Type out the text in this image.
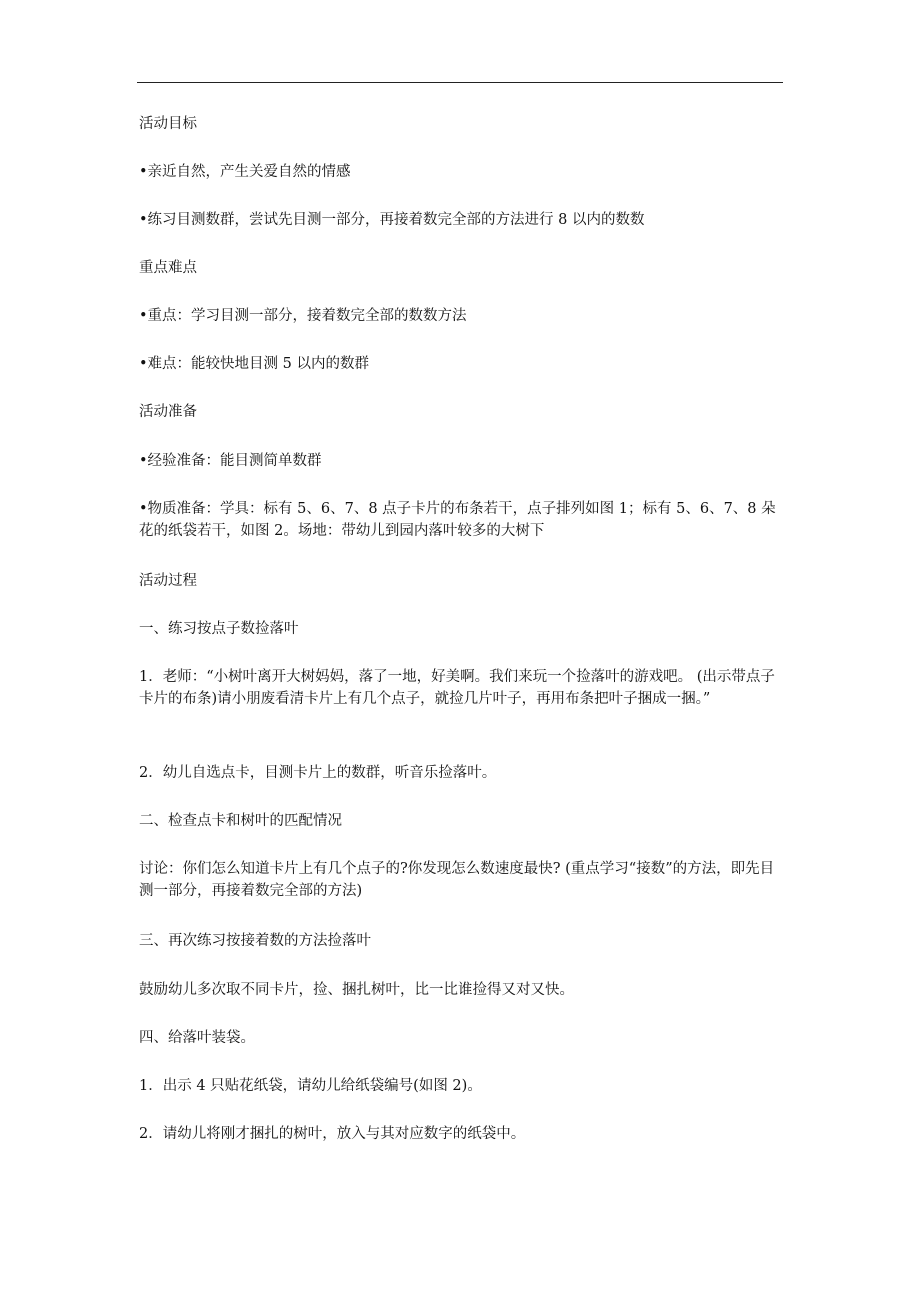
活动目标

•亲近自然，产生关爱自然的情感

•练习目测数群，尝试先目测一部分，再接着数完全部的方法进行 8 以内的数数

重点难点

•重点：学习目测一部分，接着数完全部的数数方法

•难点：能较快地目测 5 以内的数群

活动准备

•经验准备：能目测简单数群

•物质准备：学具：标有 5、6、7、8 点子卡片的布条若干，点子排列如图 1；标有 5、6、7、8 朵花的纸袋若干，如图 2。场地：带幼儿到园内落叶较多的大树下

活动过程

一、练习按点子数捡落叶

1．老师：“小树叶离开大树妈妈，落了一地，好美啊。我们来玩一个捡落叶的游戏吧。 (出示带点子卡片的布条)请小朋废看清卡片上有几个点子，就捡几片叶子，再用布条把叶子捆成一捆。”

2．幼儿自选点卡，目测卡片上的数群，听音乐捡落叶。

二、检查点卡和树叶的匹配情况

讨论：你们怎么知道卡片上有几个点子的?你发现怎么数速度最快? (重点学习“接数”的方法，即先目测一部分，再接着数完全部的方法)

三、再次练习按接着数的方法捡落叶

鼓励幼儿多次取不同卡片，捡、捆扎树叶，比一比谁捡得又对又快。

四、给落叶装袋。

1．出示 4 只贴花纸袋，请幼儿给纸袋编号(如图 2)。

2．请幼儿将刚才捆扎的树叶，放入与其对应数字的纸袋中。
